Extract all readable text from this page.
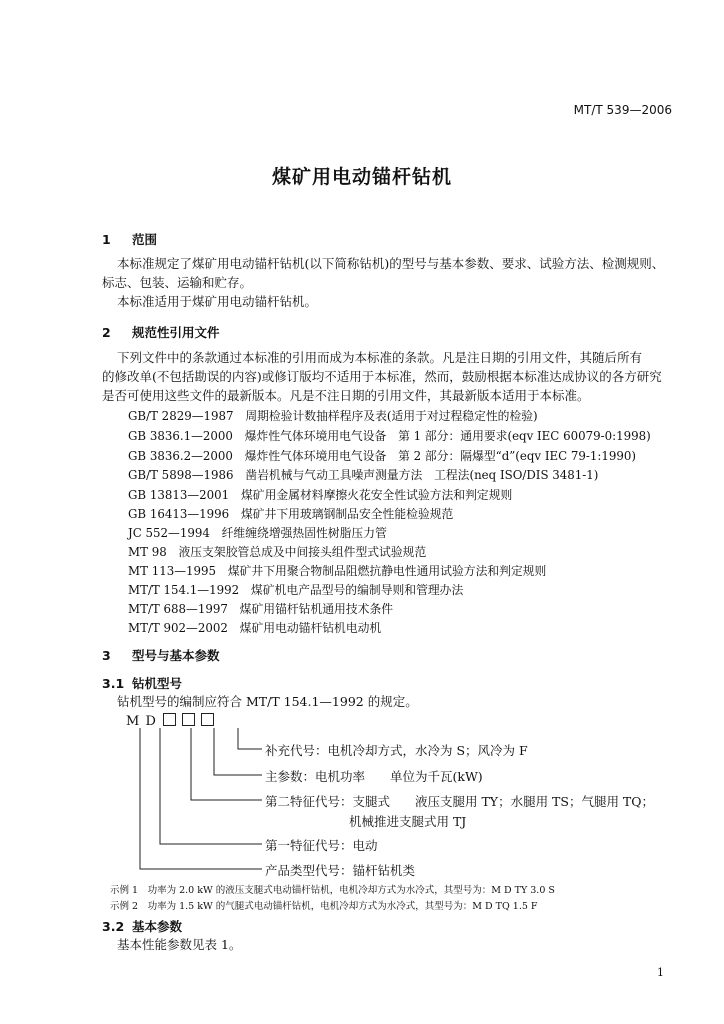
MT/T 539—2006
煤矿用电动锚杆钻机
1 范围
本标准规定了煤矿用电动锚杆钻机(以下简称钻机)的型号与基本参数、要求、试验方法、检测规则、
标志、包装、运输和贮存。
本标准适用于煤矿用电动锚杆钻机。
2 规范性引用文件
下列文件中的条款通过本标准的引用而成为本标准的条款。凡是注日期的引用文件，其随后所有
的修改单(不包括勘误的内容)或修订版均不适用于本标准，然而，鼓励根据本标准达成协议的各方研究
是否可使用这些文件的最新版本。凡是不注日期的引用文件，其最新版本适用于本标准。
GB/T 2829—1987　周期检验计数抽样程序及表(适用于对过程稳定性的检验)
GB 3836.1—2000　爆炸性气体环境用电气设备　第 1 部分：通用要求(eqv IEC 60079-0:1998)
GB 3836.2—2000　爆炸性气体环境用电气设备　第 2 部分：隔爆型“d”(eqv IEC 79-1:1990)
GB/T 5898—1986　凿岩机械与气动工具噪声测量方法　工程法(neq ISO/DIS 3481-1)
GB 13813—2001　煤矿用金属材料摩擦火花安全性试验方法和判定规则
GB 16413—1996　煤矿井下用玻璃钢制品安全性能检验规范
JC 552—1994　纤维缠绕增强热固性树脂压力管
MT 98　液压支架胶管总成及中间接头组件型式试验规范
MT 113—1995　煤矿井下用聚合物制品阻燃抗静电性通用试验方法和判定规则
MT/T 154.1—1992　煤矿机电产品型号的编制导则和管理办法
MT/T 688—1997　煤矿用锚杆钻机通用技术条件
MT/T 902—2002　煤矿用电动锚杆钻机电动机
3 型号与基本参数
3.1 钻机型号
钻机型号的编制应符合 MT/T 154.1—1992 的规定。
M D
补充代号：电机冷却方式，水冷为 S；风冷为 F
主参数：电机功率　　单位为千瓦(kW)
第二特征代号：支腿式　　液压支腿用 TY；水腿用 TS；气腿用 TQ；
机械推进支腿式用 TJ
第一特征代号：电动
产品类型代号：锚杆钻机类
示例 1　功率为 2.0 kW 的液压支腿式电动锚杆钻机，电机冷却方式为水冷式，其型号为：M D TY 3.0 S
示例 2　功率为 1.5 kW 的气腿式电动锚杆钻机，电机冷却方式为水冷式，其型号为：M D TQ 1.5 F
3.2 基本参数
基本性能参数见表 1。
1
